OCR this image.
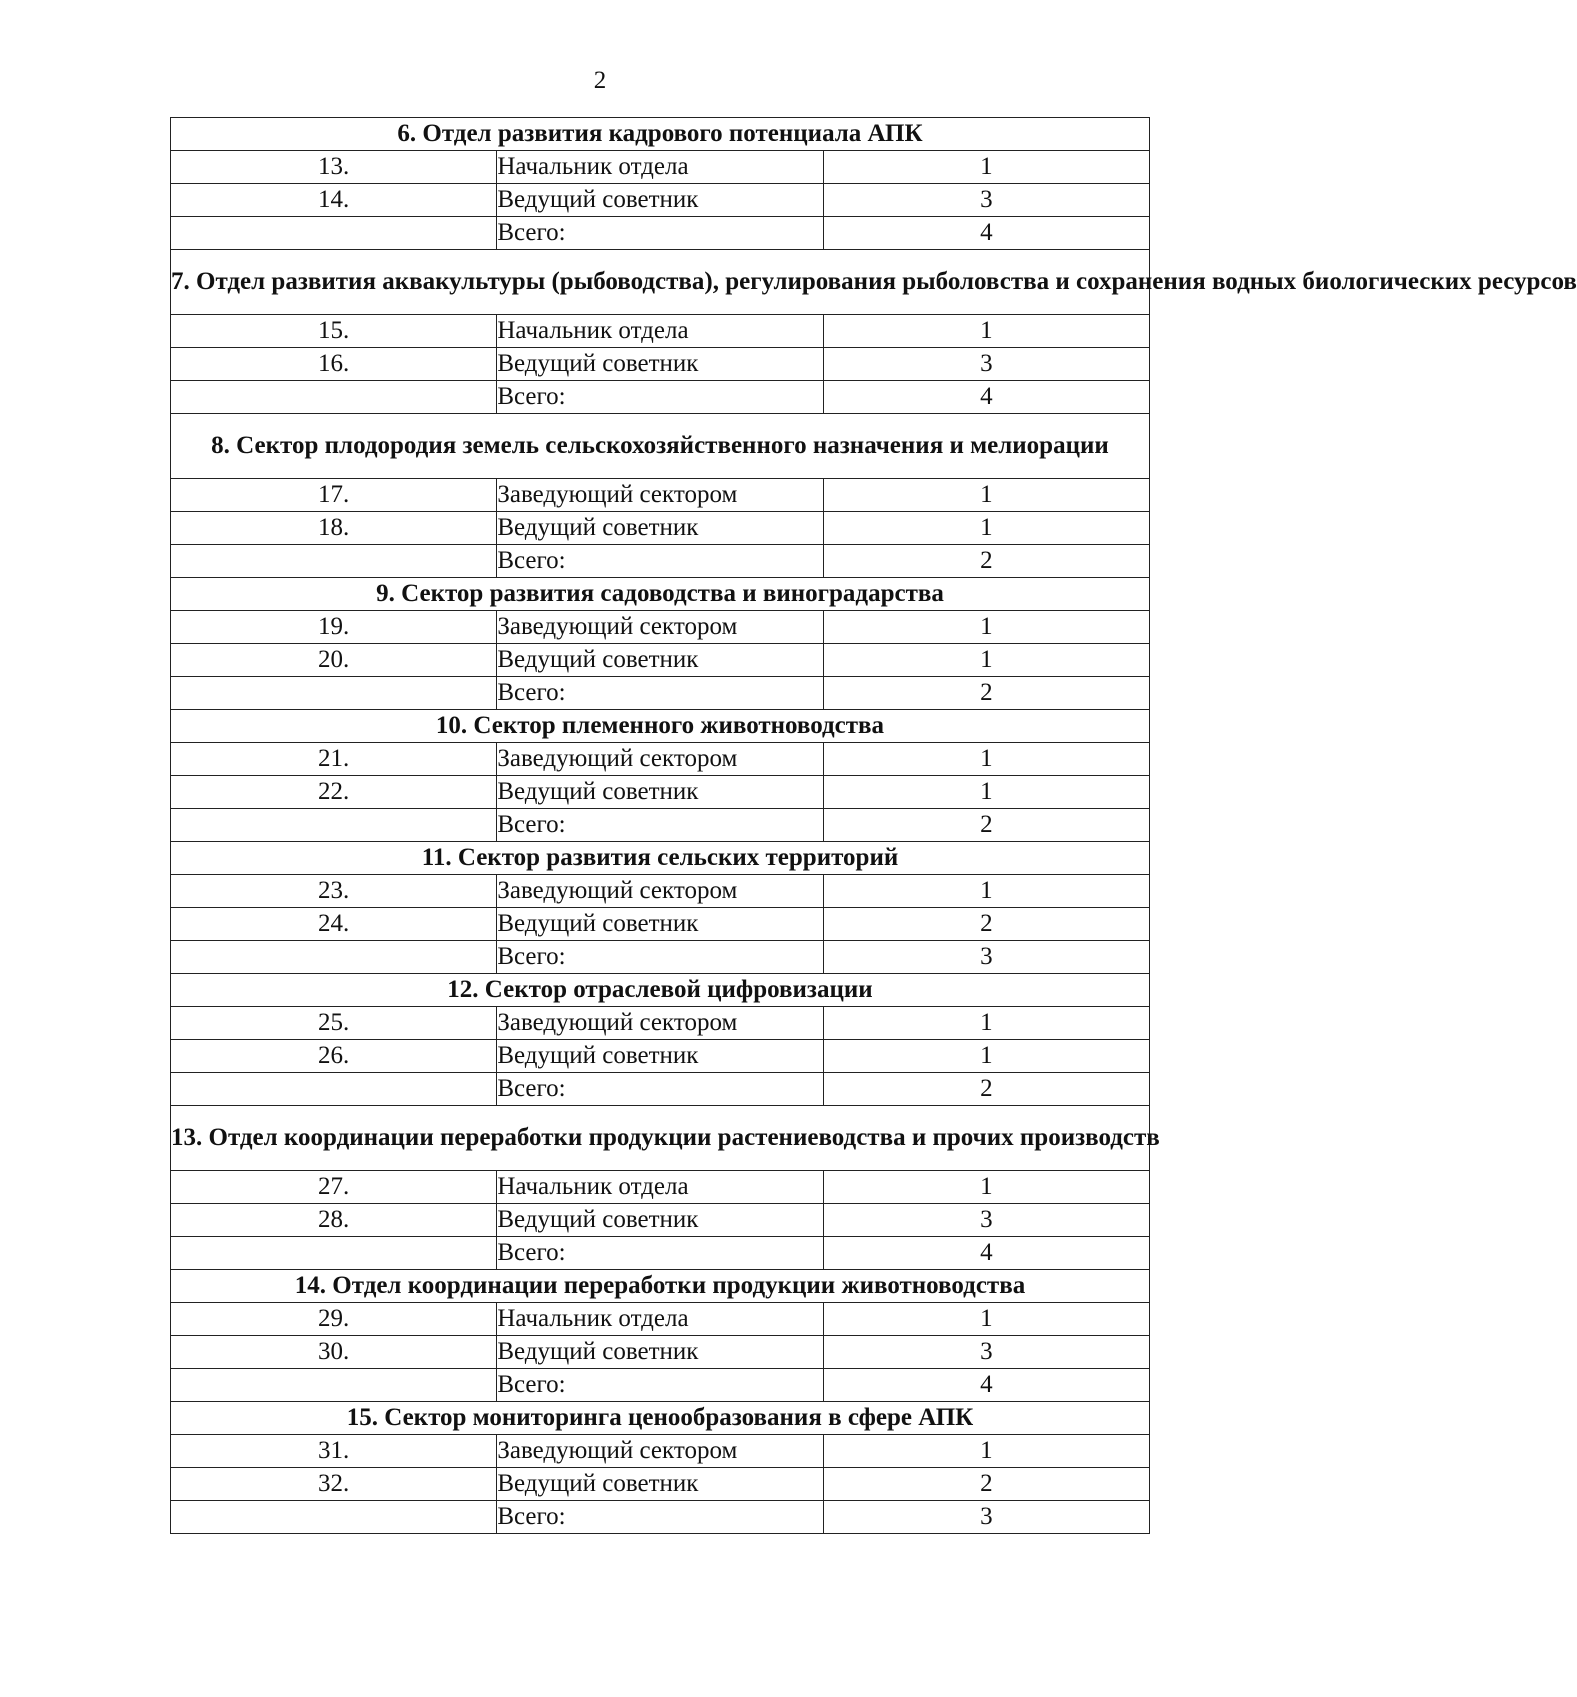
2
6. Отдел развития кадрового потенциала АПК		
13.	Начальник отдела	1
14.	Ведущий советник	3
	Всего:	4
7. Отдел развития аквакультуры (рыбоводства), регулирования рыболовства и сохранения водных биологических ресурсов		
15.	Начальник отдела	1
16.	Ведущий советник	3
	Всего:	4
8. Сектор плодородия земель сельскохозяйственного назначения и мелиорации		
17.	Заведующий сектором	1
18.	Ведущий советник	1
	Всего:	2
9. Сектор развития садоводства и виноградарства		
19.	Заведующий сектором	1
20.	Ведущий советник	1
	Всего:	2
10. Сектор племенного животноводства		
21.	Заведующий сектором	1
22.	Ведущий советник	1
	Всего:	2
11. Сектор развития сельских территорий		
23.	Заведующий сектором	1
24.	Ведущий советник	2
	Всего:	3
12. Сектор отраслевой цифровизации		
25.	Заведующий сектором	1
26.	Ведущий советник	1
	Всего:	2
13. Отдел координации переработки продукции растениеводства и прочих производств		
27.	Начальник отдела	1
28.	Ведущий советник	3
	Всего:	4
14. Отдел координации переработки продукции животноводства		
29.	Начальник отдела	1
30.	Ведущий советник	3
	Всего:	4
15. Сектор мониторинга ценообразования в сфере АПК		
31.	Заведующий сектором	1
32.	Ведущий советник	2
	Всего:	3
